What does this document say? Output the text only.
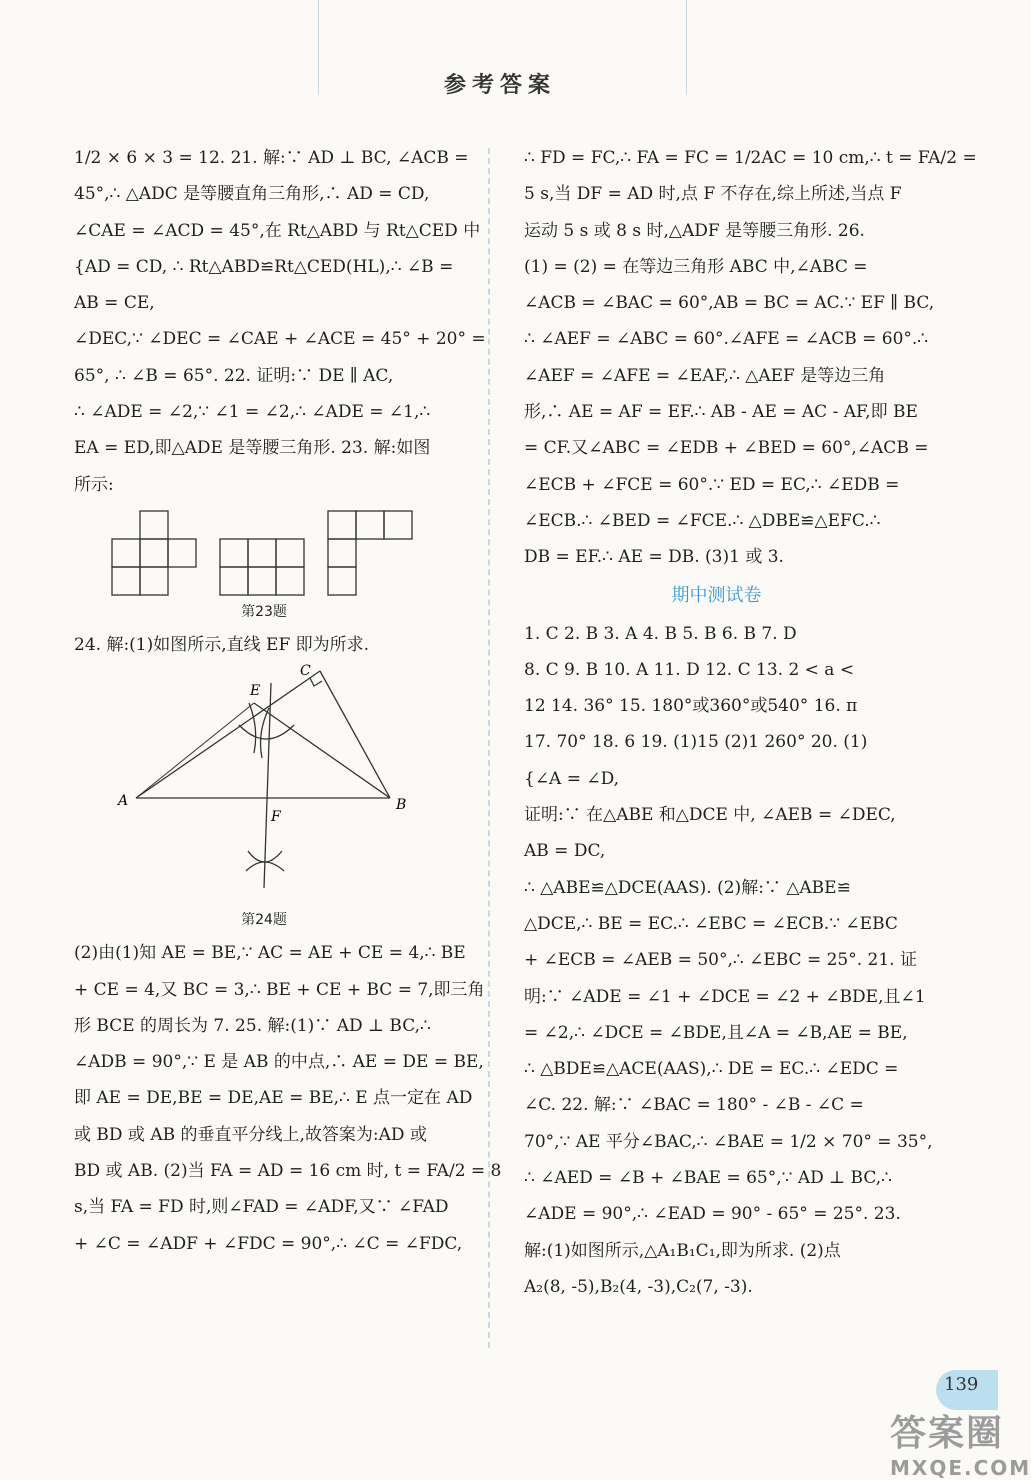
参考答案

1/2 × 6 × 3 = 12. 21. 解:∵ AD ⊥ BC, ∠ACB =

45°,∴ △ADC 是等腰直角三角形,∴ AD = CD,

∠CAE = ∠ACD = 45°,在 Rt△ABD 与 Rt△CED 中

{AD = CD, ∴ Rt△ABD≌Rt△CED(HL),∴ ∠B =

AB = CE,

∠DEC,∵ ∠DEC = ∠CAE + ∠ACE = 45° + 20° =

65°, ∴ ∠B = 65°. 22. 证明:∵ DE ∥ AC,

∴ ∠ADE = ∠2,∵ ∠1 = ∠2,∴ ∠ADE = ∠1,∴

EA = ED,即△ADE 是等腰三角形. 23. 解:如图

所示:

第23题

24. 解:(1)如图所示,直线 EF 即为所求.

A	B
C
E
F
第24题

(2)由(1)知 AE = BE,∵ AC = AE + CE = 4,∴ BE

+ CE = 4,又 BC = 3,∴ BE + CE + BC = 7,即三角

形 BCE 的周长为 7. 25. 解:(1)∵ AD ⊥ BC,∴

∠ADB = 90°,∵ E 是 AB 的中点,∴ AE = DE = BE,

即 AE = DE,BE = DE,AE = BE,∴ E 点一定在 AD

或 BD 或 AB 的垂直平分线上,故答案为:AD 或

BD 或 AB. (2)当 FA = AD = 16 cm 时, t = FA/2 = 8

s,当 FA = FD 时,则∠FAD = ∠ADF,又∵ ∠FAD

+ ∠C = ∠ADF + ∠FDC = 90°,∴ ∠C = ∠FDC,

∴ FD = FC,∴ FA = FC = 1/2AC = 10 cm,∴ t = FA/2 =

5 s,当 DF = AD 时,点 F 不存在,综上所述,当点 F

运动 5 s 或 8 s 时,△ADF 是等腰三角形. 26.

(1) = (2) = 在等边三角形 ABC 中,∠ABC =

∠ACB = ∠BAC = 60°,AB = BC = AC.∵ EF ∥ BC,

∴ ∠AEF = ∠ABC = 60°.∠AFE = ∠ACB = 60°.∴

∠AEF = ∠AFE = ∠EAF,∴ △AEF 是等边三角

形,∴ AE = AF = EF.∴ AB - AE = AC - AF,即 BE

= CF.又∠ABC = ∠EDB + ∠BED = 60°,∠ACB =

∠ECB + ∠FCE = 60°.∵ ED = EC,∴ ∠EDB =

∠ECB.∴ ∠BED = ∠FCE.∴ △DBE≌△EFC.∴

DB = EF.∴ AE = DB. (3)1 或 3.

期中测试卷

1. C 2. B 3. A 4. B 5. B 6. B 7. D

8. C 9. B 10. A 11. D 12. C 13. 2 < a <

12 14. 36° 15. 180°或360°或540° 16. π

17. 70° 18. 6 19. (1)15 (2)1 260° 20. (1)

{∠A = ∠D,

证明:∵ 在△ABE 和△DCE 中, ∠AEB = ∠DEC,

AB = DC,

∴ △ABE≌△DCE(AAS). (2)解:∵ △ABE≌

△DCE,∴ BE = EC.∴ ∠EBC = ∠ECB.∵ ∠EBC

+ ∠ECB = ∠AEB = 50°,∴ ∠EBC = 25°. 21. 证

明:∵ ∠ADE = ∠1 + ∠DCE = ∠2 + ∠BDE,且∠1

= ∠2,∴ ∠DCE = ∠BDE,且∠A = ∠B,AE = BE,

∴ △BDE≌△ACE(AAS),∴ DE = EC.∴ ∠EDC =

∠C. 22. 解:∵ ∠BAC = 180° - ∠B - ∠C =

70°,∵ AE 平分∠BAC,∴ ∠BAE = 1/2 × 70° = 35°,

∴ ∠AED = ∠B + ∠BAE = 65°,∵ AD ⊥ BC,∴

∠ADE = 90°,∴ ∠EAD = 90° - 65° = 25°. 23.

解:(1)如图所示,△A₁B₁C₁,即为所求. (2)点

A₂(8, -5),B₂(4, -3),C₂(7, -3).

139
答案圈
MXQE.COM
